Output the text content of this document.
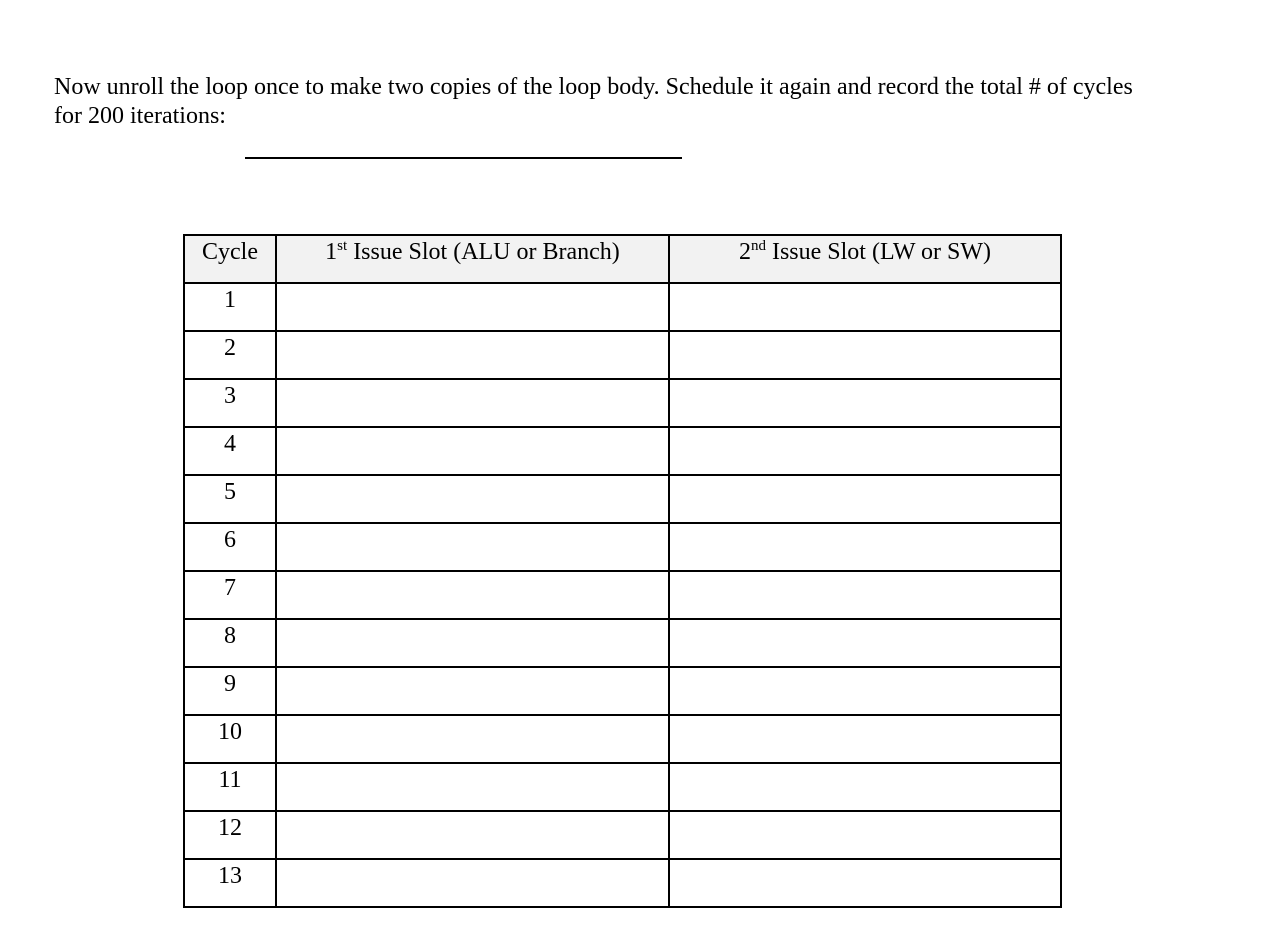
Now unroll the loop once to make two copies of the loop body. Schedule it again and record the total # of cycles
for 200 iterations:

Cycle	1st Issue Slot (ALU or Branch)	2nd Issue Slot (LW or SW)
1		
2		
3		
4		
5		
6		
7		
8		
9		
10		
11		
12		
13		
